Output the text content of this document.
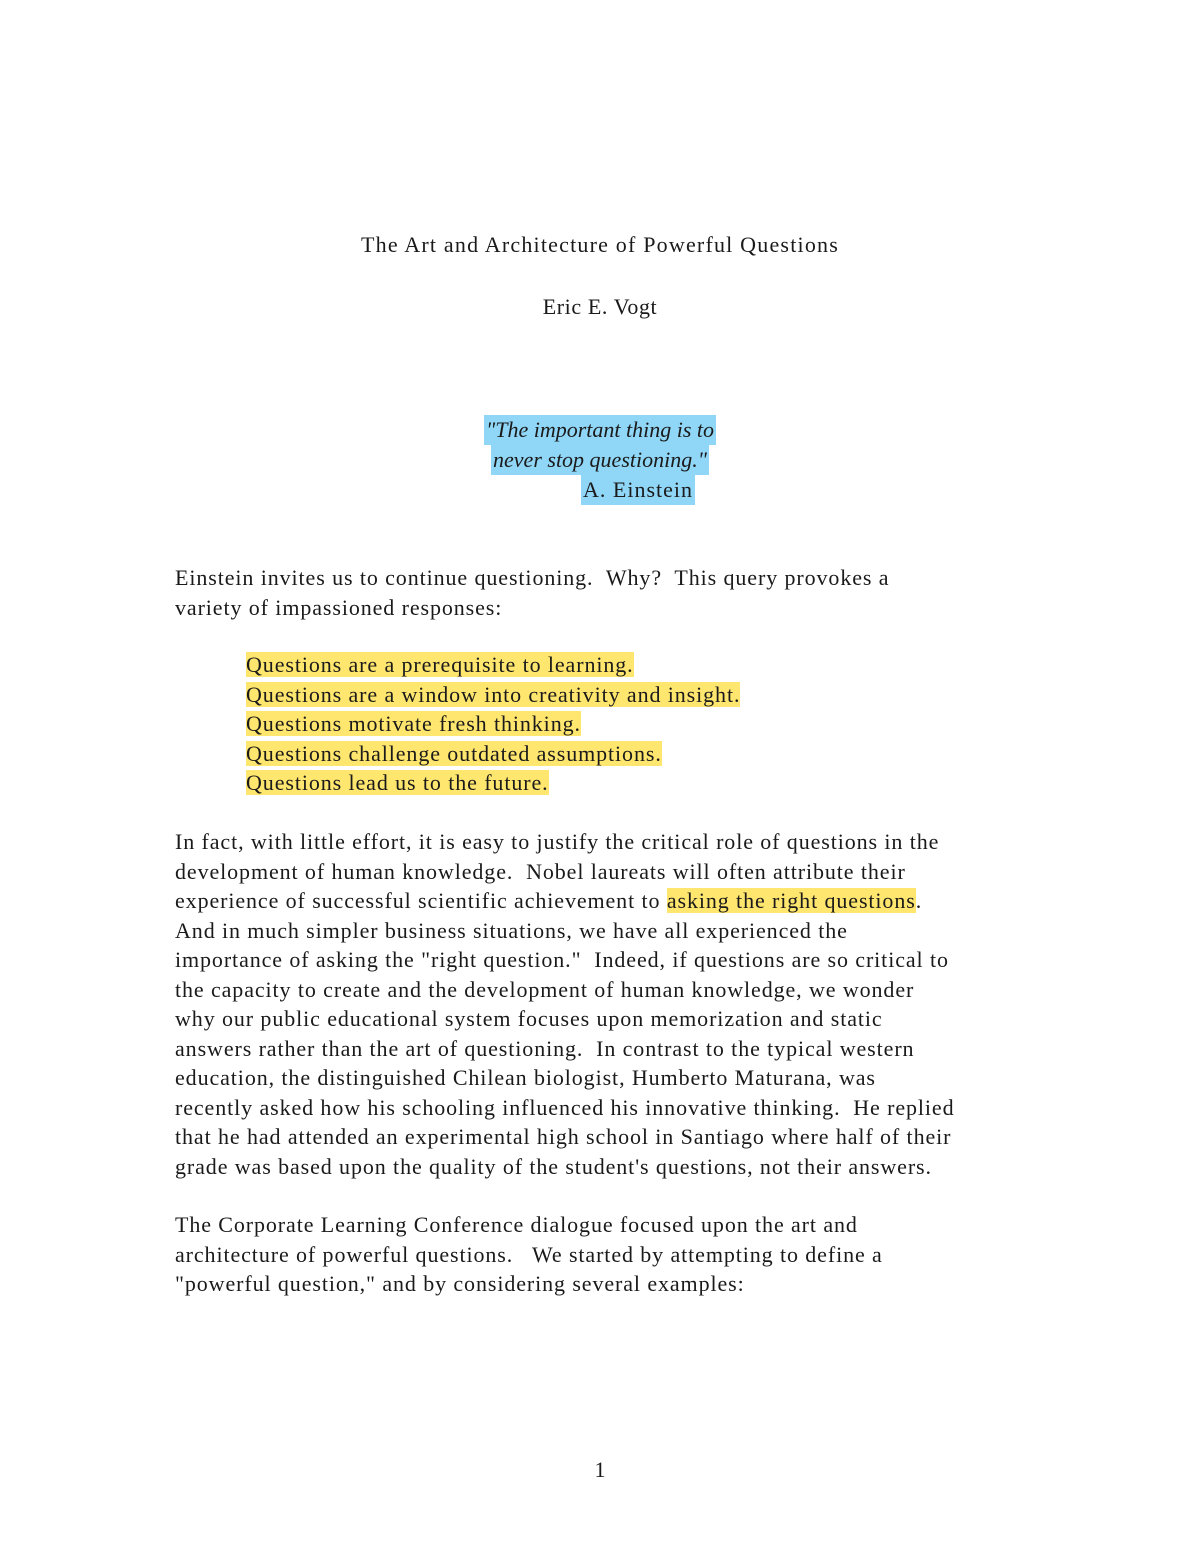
The Art and Architecture of Powerful Questions
Eric E. Vogt
"The important thing is to
never stop questioning."
A. Einstein
Einstein invites us to continue questioning.  Why?  This query provokes a
variety of impassioned responses:
Questions are a prerequisite to learning.
Questions are a window into creativity and insight.
Questions motivate fresh thinking.
Questions challenge outdated assumptions.
Questions lead us to the future.
In fact, with little effort, it is easy to justify the critical role of questions in the
development of human knowledge.  Nobel laureats will often attribute their
experience of successful scientific achievement to asking the right questions.
And in much simpler business situations, we have all experienced the
importance of asking the "right question."  Indeed, if questions are so critical to
the capacity to create and the development of human knowledge, we wonder
why our public educational system focuses upon memorization and static
answers rather than the art of questioning.  In contrast to the typical western
education, the distinguished Chilean biologist, Humberto Maturana, was
recently asked how his schooling influenced his innovative thinking.  He replied
that he had attended an experimental high school in Santiago where half of their
grade was based upon the quality of the student's questions, not their answers.
The Corporate Learning Conference dialogue focused upon the art and
architecture of powerful questions.   We started by attempting to define a
"powerful question," and by considering several examples:
1
